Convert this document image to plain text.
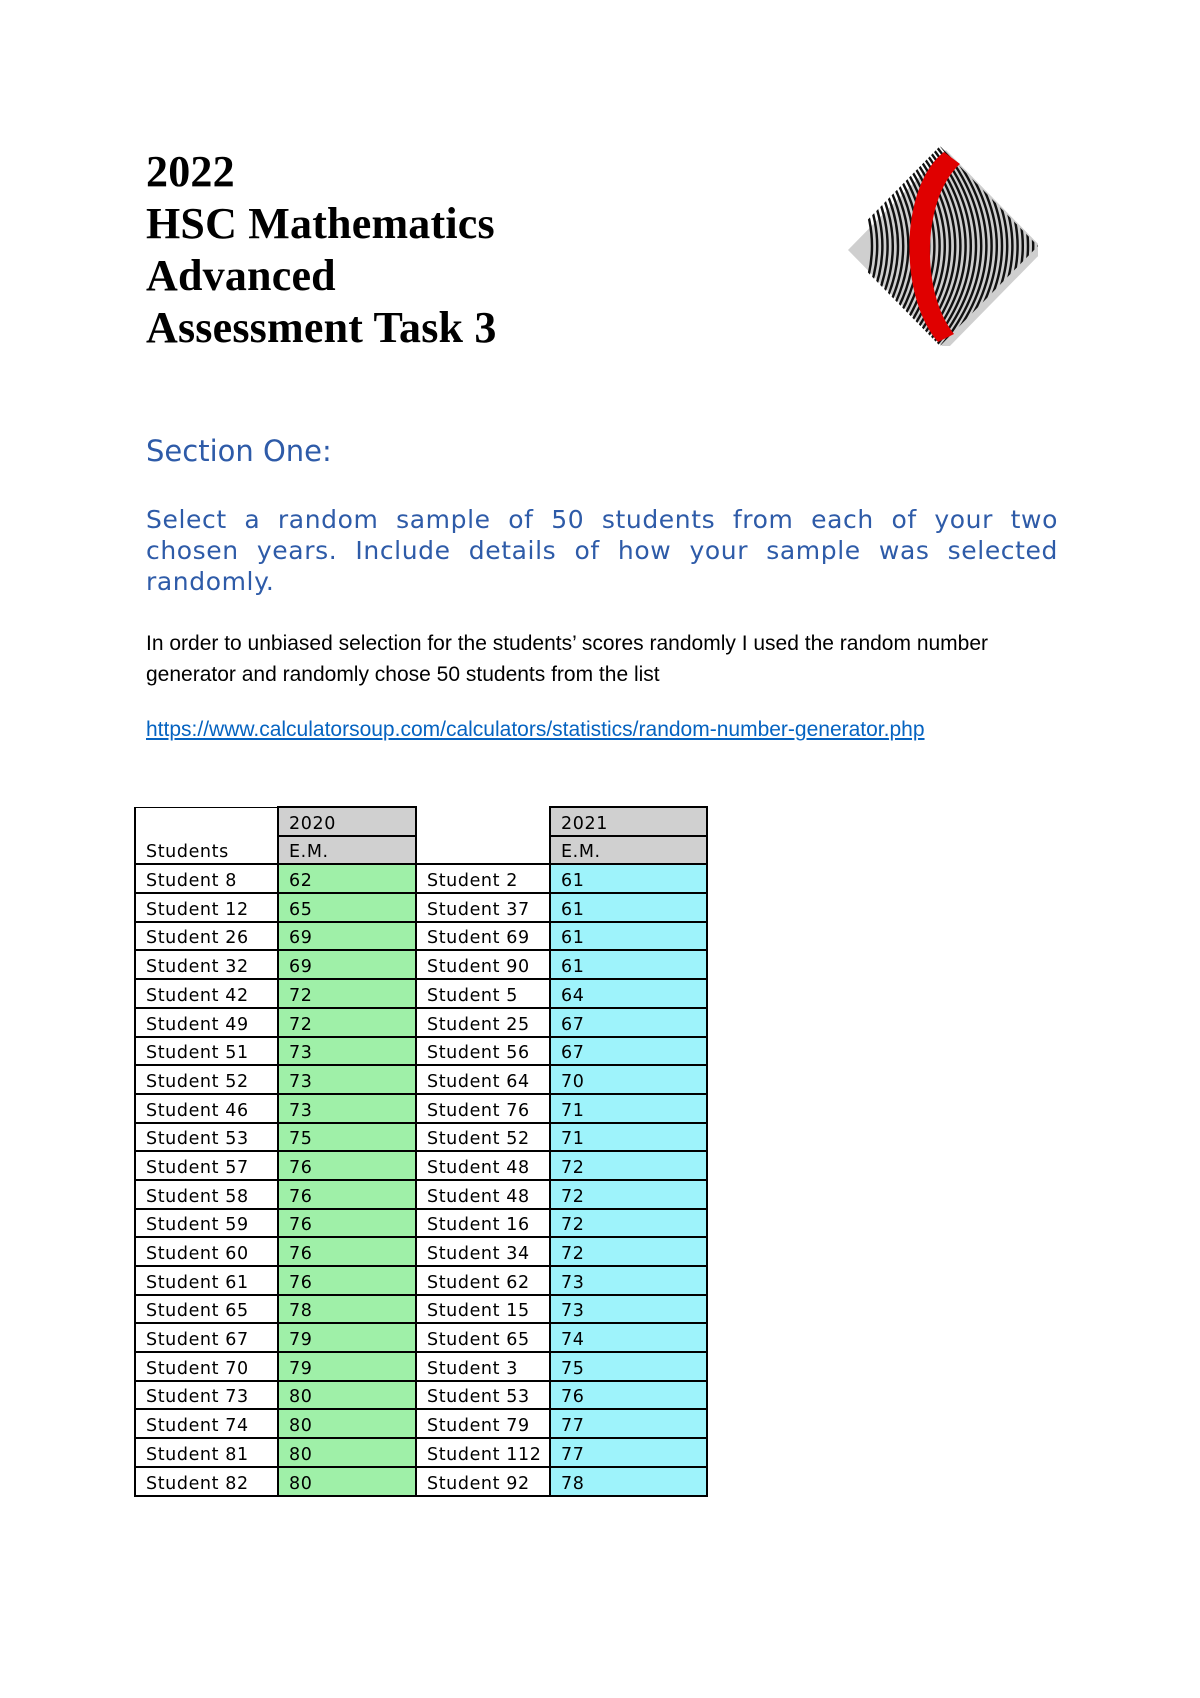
2022
HSC Mathematics
Advanced
Assessment Task 3
Section One:
Select a random sample of 50 students from each of your two chosen years. Include details of how your sample was selected randomly.
In order to unbiased selection for the students’ scores randomly I used the random number generator and randomly chose 50 students from the list
https://www.calculatorsoup.com/calculators/statistics/random-number-generator.php
	2020		2021
Students	E.M.		E.M.
Student 8	62	Student 2	61
Student 12	65	Student 37	61
Student 26	69	Student 69	61
Student 32	69	Student 90	61
Student 42	72	Student 5	64
Student 49	72	Student 25	67
Student 51	73	Student 56	67
Student 52	73	Student 64	70
Student 46	73	Student 76	71
Student 53	75	Student 52	71
Student 57	76	Student 48	72
Student 58	76	Student 48	72
Student 59	76	Student 16	72
Student 60	76	Student 34	72
Student 61	76	Student 62	73
Student 65	78	Student 15	73
Student 67	79	Student 65	74
Student 70	79	Student 3	75
Student 73	80	Student 53	76
Student 74	80	Student 79	77
Student 81	80	Student 112	77
Student 82	80	Student 92	78
